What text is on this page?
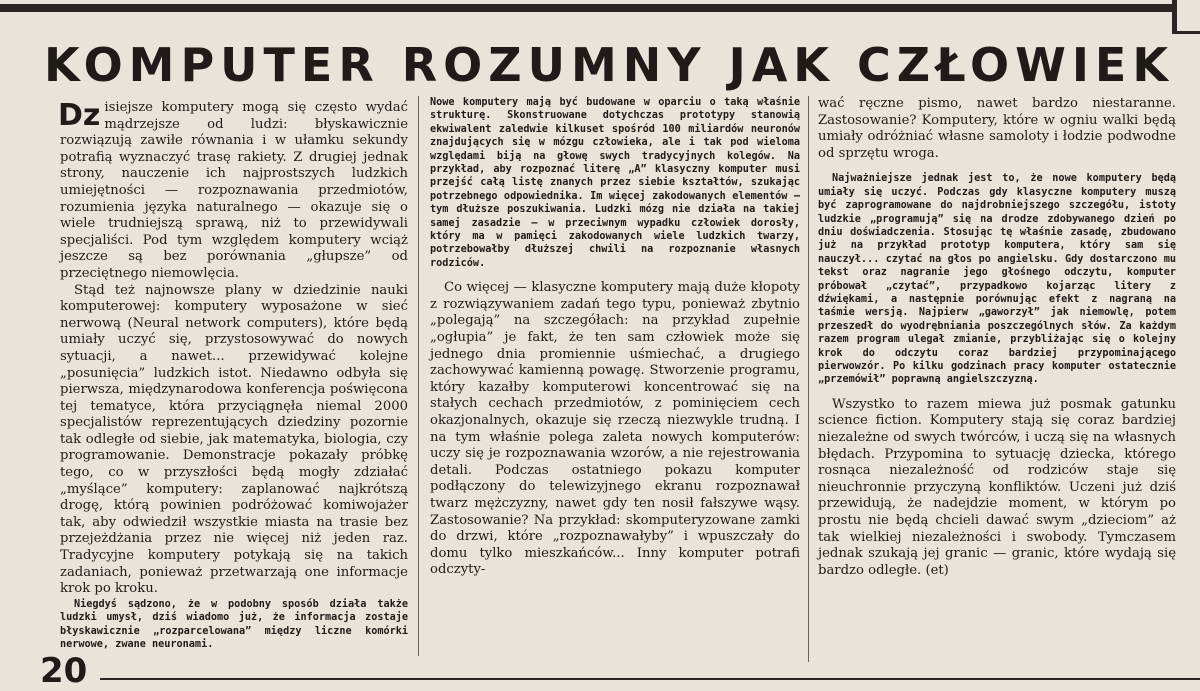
KOMPUTER ROZUMNY JAK CZŁOWIEK
Dz isiejsze komputery mogą się często wydać mądrzejsze od ludzi: błyskawicznie rozwiązują zawiłe równania i w ułamku sekundy potrafią wyznaczyć trasę rakiety. Z drugiej jednak strony, nauczenie ich najprostszych ludzkich umiejętności — rozpoznawania przedmiotów, rozumienia języka naturalnego — okazuje się o wiele trudniejszą sprawą, niż to przewidywali specjaliści. Pod tym względem komputery wciąż jeszcze są bez porównania „głupsze” od przeciętnego niemowlęcia.

Stąd też najnowsze plany w dziedzinie nauki komputerowej: komputery wyposażone w sieć nerwową (Neural network computers), które będą umiały uczyć się, przystosowywać do nowych sytuacji, a nawet... przewidywać kolejne „posunięcia” ludzkich istot. Niedawno odbyła się pierwsza, międzynarodowa konferencja poświęcona tej tematyce, która przyciągnęła niemal 2000 specjalistów reprezentujących dziedziny pozornie tak odległe od siebie, jak matematyka, biologia, czy programowanie. Demonstracje pokazały próbkę tego, co w przyszłości będą mogły zdziałać „myślące” komputery: zaplanować najkrótszą drogę, którą powinien podróżować komiwojażer tak, aby odwiedził wszystkie miasta na trasie bez przejeżdżania przez nie więcej niż jeden raz. Tradycyjne komputery potykają się na takich zadaniach, ponieważ przetwarzają one informacje krok po kroku.

Niegdyś sądzono, że w podobny sposób działa także ludzki umysł, dziś wiadomo już, że informacja zostaje błyskawicznie „rozparcelowana” między liczne komórki nerwowe, zwane neuronami.

Nowe komputery mają być budowane w oparciu o taką właśnie strukturę. Skonstruowane dotychczas prototypy stanowią ekwiwalent zaledwie kilkuset spośród 100 miliardów neuronów znajdujących się w mózgu człowieka, ale i tak pod wieloma względami biją na głowę swych tradycyjnych kolegów. Na przykład, aby rozpoznać literę „A” klasyczny komputer musi przejść całą listę znanych przez siebie kształtów, szukając potrzebnego odpowiednika. Im więcej zakodowanych elementów — tym dłuższe poszukiwania. Ludzki mózg nie działa na takiej samej zasadzie — w przeciwnym wypadku człowiek dorosły, który ma w pamięci zakodowanych wiele ludzkich twarzy, potrzebowałby dłuższej chwili na rozpoznanie własnych rodziców.

Co więcej — klasyczne komputery mają duże kłopoty z rozwiązywaniem zadań tego typu, ponieważ zbytnio „polegają” na szczegółach: na przykład zupełnie „ogłupia” je fakt, że ten sam człowiek może się jednego dnia promiennie uśmiechać, a drugiego zachowywać kamienną powagę. Stworzenie programu, który kazałby komputerowi koncentrować się na stałych cechach przedmiotów, z pominięciem cech okazjonalnych, okazuje się rzeczą niezwykle trudną. I na tym właśnie polega zaleta nowych komputerów: uczy się je rozpoznawania wzorów, a nie rejestrowania detali. Podczas ostatniego pokazu komputer podłączony do telewizyjnego ekranu rozpoznawał twarz mężczyzny, nawet gdy ten nosił fałszywe wąsy. Zastosowanie? Na przykład: skomputeryzowane zamki do drzwi, które „rozpoznawałyby” i wpuszczały do domu tylko mieszkańców... Inny komputer potrafi odczyty-

wać ręczne pismo, nawet bardzo niestaranne. Zastosowanie? Komputery, które w ogniu walki będą umiały odróżniać własne samoloty i łodzie podwodne od sprzętu wroga.

Najważniejsze jednak jest to, że nowe komputery będą umiały się uczyć. Podczas gdy klasyczne komputery muszą być zaprogramowane do najdrobniejszego szczegółu, istoty ludzkie „programują” się na drodze zdobywanego dzień po dniu doświadczenia. Stosując tę właśnie zasadę, zbudowano już na przykład prototyp komputera, który sam się nauczył... czytać na głos po angielsku. Gdy dostarczono mu tekst oraz nagranie jego głośnego odczytu, komputer próbował „czytać”, przypadkowo kojarząc litery z dźwiękami, a następnie porównując efekt z nagraną na taśmie wersją. Najpierw „gaworzył” jak niemowlę, potem przeszedł do wyodrębniania poszczególnych słów. Za każdym razem program ulegał zmianie, przybliżając się o kolejny krok do odczytu coraz bardziej przypominającego pierwowzór. Po kilku godzinach pracy komputer ostatecznie „przemówił” poprawną angielszczyzną.

Wszystko to razem miewa już posmak gatunku science fiction. Komputery stają się coraz bardziej niezależne od swych twórców, i uczą się na własnych błędach. Przypomina to sytuację dziecka, którego rosnąca niezależność od rodziców staje się nieuchronnie przyczyną konfliktów. Uczeni już dziś przewidują, że nadejdzie moment, w którym po prostu nie będą chcieli dawać swym „dzieciom” aż tak wielkiej niezależności i swobody. Tymczasem jednak szukają jej granic — granic, które wydają się bardzo odległe. (et)

20
